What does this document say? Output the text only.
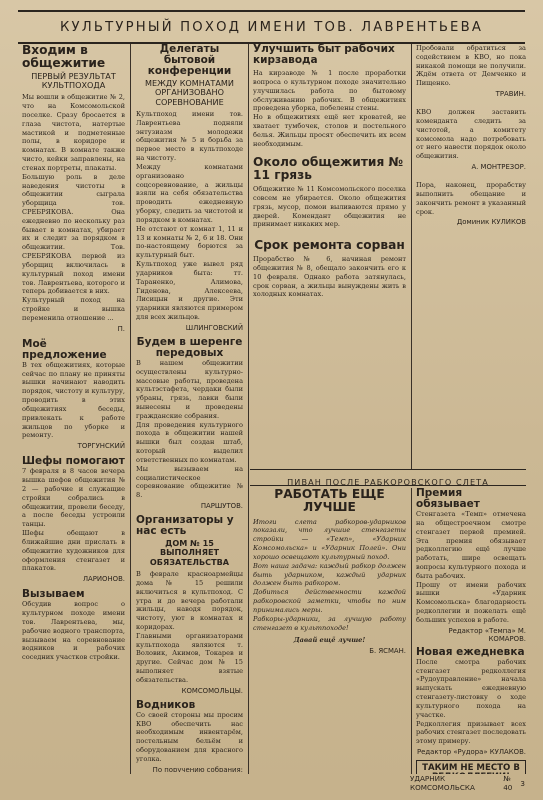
КУЛЬТУРНЫЙ ПОХОД ИМЕНИ ТОВ. ЛАВРЕНТЬЕВА
Входим в общежитие
ПЕРВЫЙ РЕЗУЛЬТАТ КУЛЬТПОХОДА

Мы вошли в общежитие № 2, что на Комсомольской поселке. Сразу бросается в глаза чистота, натертые мастикой и подметенные полы, в коридоре и комнатах. В комнате также чисто, кейки заправлены, на стенах портреты, плакаты.

Большую роль в деле наведения чистоты в общежитии сыграла уборщица тов. СРЕБРЯКОВА. Она ежедневно по нескольку раз бывает в комнатах, убирает их и следит за порядком в общежитии. Тов. СРЕБРЯКОВА первой из уборщиц включилась в культурный поход имени тов. Лаврентьева, которого и теперь добивается в них.

Культурный поход на стройке и вышка переменила отношение ...

П.
Моё предложение

В тех общежитиях, которые сейчас по плану не приняты вышки начинают наводить порядок, чистоту и культуру, проводить в этих общежитиях беседы, привлекать к работе жильцов по уборке и ремонту.

ТОРГУНСКИЙ
Шефы помогают

7 февраля в 8 часов вечера вышка шефов общежития № 2 — рабочие и служащие стройки собрались в общежитии, провели беседу, а после беседы устроили танцы.

Шефы обещают в ближайшие дни прислать в общежитие художников для оформления стенгазет и плакатов.

ЛАРИОНОВ.
Вызываем

Обсудив вопрос о культурном походе имени тов. Лаврентьева, мы, рабочие водного транспорта, вызываем на соревнование водников и рабочих соседних участков стройки.

Делегаты бытовой конференции
МЕЖДУ КОМНАТАМИ ОРГАНИЗОВАНО СОРЕВНОВАНИЕ

Культпоход имени тов. Лаврентьева подняли энтузиазм молодежи общежития № 5 и борьба за первое место в культпоходе на чистоту.

Между комнатами организовано соцсоревнование, а жильцы взяли на себя обязательства проводить ежедневную уборку, следить за чистотой и порядком в комнатах.

Не отстают от комнат 1, 11 и 13 и комнаты № 2, 6 и 18. Они по-настоящему борются за культурный быт.

Культпоход уже вывел ряд ударников быта: тт. Тараненко, Алимова, Гиденова, Алексеева, Лисицын и другие. Эти ударники являются примером для всех жильцов.

ШЛИНГОВСКИЙ
Будем в шеренге передовых

В нашем общежитии осуществлены культурно-массовые работы, проведена культэстафета, чердаки были убраны, грязь, лавки были вынесены и проведены гражданские собрания.

Для проведения культурного похода в общежитии нашей вышки был создан штаб, который выделил ответственных по комнатам.

Мы вызываем на социалистическое соревнование общежитие № 8.

ПАРШУТОВ.
Организаторы у нас есть
ДОМ № 15 ВЫПОЛНЯЕТ ОБЯЗАТЕЛЬСТВА

В феврале красноармейцы дома № 15 решили включиться в культпоход. С утра и до вечера работали жильцы, наводя порядок, чистоту, уют в комнатах и коридорах.

Главными организаторами культпохода являются т. Воловик, Акимов, Токарев и другие. Сейчас дом № 15 выполняет взятые обязательства.

КОМСОМОЛЬЦЫ.
Водников

Со своей стороны мы просим КВО обеспечить нас необходимым инвентарём, постельным бельём и оборудованием для красного уголка.

По поручению собрания:
Улучшить быт рабочих кирзавода

На кирзаводе № 1 после проработки вопроса о культурном походе значительно улучшилась работа по бытовому обслуживанию рабочих. В общежитиях проведена уборка, побелены стены.

Но в общежитиях ещё нет кроватей, не хватает тумбочек, столов и постельного белья. Жильцы просят обеспечить их всем необходимым.

Около общежития № 11 грязь

Общежитие № 11 Комсомольского поселка совсем не убирается. Около общежития грязь, мусор, помои выливаются прямо у дверей. Комендант общежития не принимает никаких мер.

Срок ремонта сорван

Прорабство № 6, начиная ремонт общежития № 8, обещало закончить его к 10 февраля. Однако работа затянулась, срок сорван, а жильцы вынуждены жить в холодных комнатах.

Пробовали обратиться за содействием в КВО, но пока никакой помощи не получили. Ждём ответа от Демченко и Пищенко.

ТРАВИН.

КВО должен заставить коменданта следить за чистотой, а комитету комсомола надо потребовать от него навести порядок около общежития.

А. МОНТРЕЗОР.

Пора, наконец, прорабству выполнить обещание и закончить ремонт в указанный срок.

Доминик КУЛИКОВ
ПИВАН ПОСЛЕ РАБКОРОВСКОГО СЛЕТА
РАБОТАТЬ ЕЩЕ ЛУЧШЕ

Итоги слета рабкоров-ударников показали, что лучшие стенгазеты стройки — «Темп», «Ударник Комсомольска» и «Ударник Полей». Они хорошо освещают культурный поход.

Вот наша задача: каждый рабкор должен быть ударником, каждый ударник должен быть рабкором.

Добиться действенности каждой рабкоровской заметки, чтобы по ним принимались меры.

Рабкоры-ударники, за лучшую работу стенгазет в культпоходе!

Давай ещё лучше!

Б. ЯСМАН.
Премия обязывает

Стенгазета «Темп» отмечена на общестроечном смотре стенгазет первой премией. Эта премия обязывает редколлегию ещё лучше работать, шире освещать вопросы культурного похода и быта рабочих.

Прошу от имени рабочих вышки «Ударник Комсомольска» благодарность редколлегии и пожелать ещё больших успехов в работе.

Редактор «Темпа» М. КОМАРОВ.
Новая ежедневка

После смотра рабочих стенгазет редколлегия «Рудоуправление» начала выпускать ежедневную стенгазету-листовку о ходе культурного похода на участке.

Редколлегия призывает всех рабочих стенгазет последовать этому примеру.

Редактор «Рудора» КУЛАКОВ.
ТАКИМ НЕ МЕСТО В

УДАРНИК КОМСОМОЛЬСКА
№ 40	3
